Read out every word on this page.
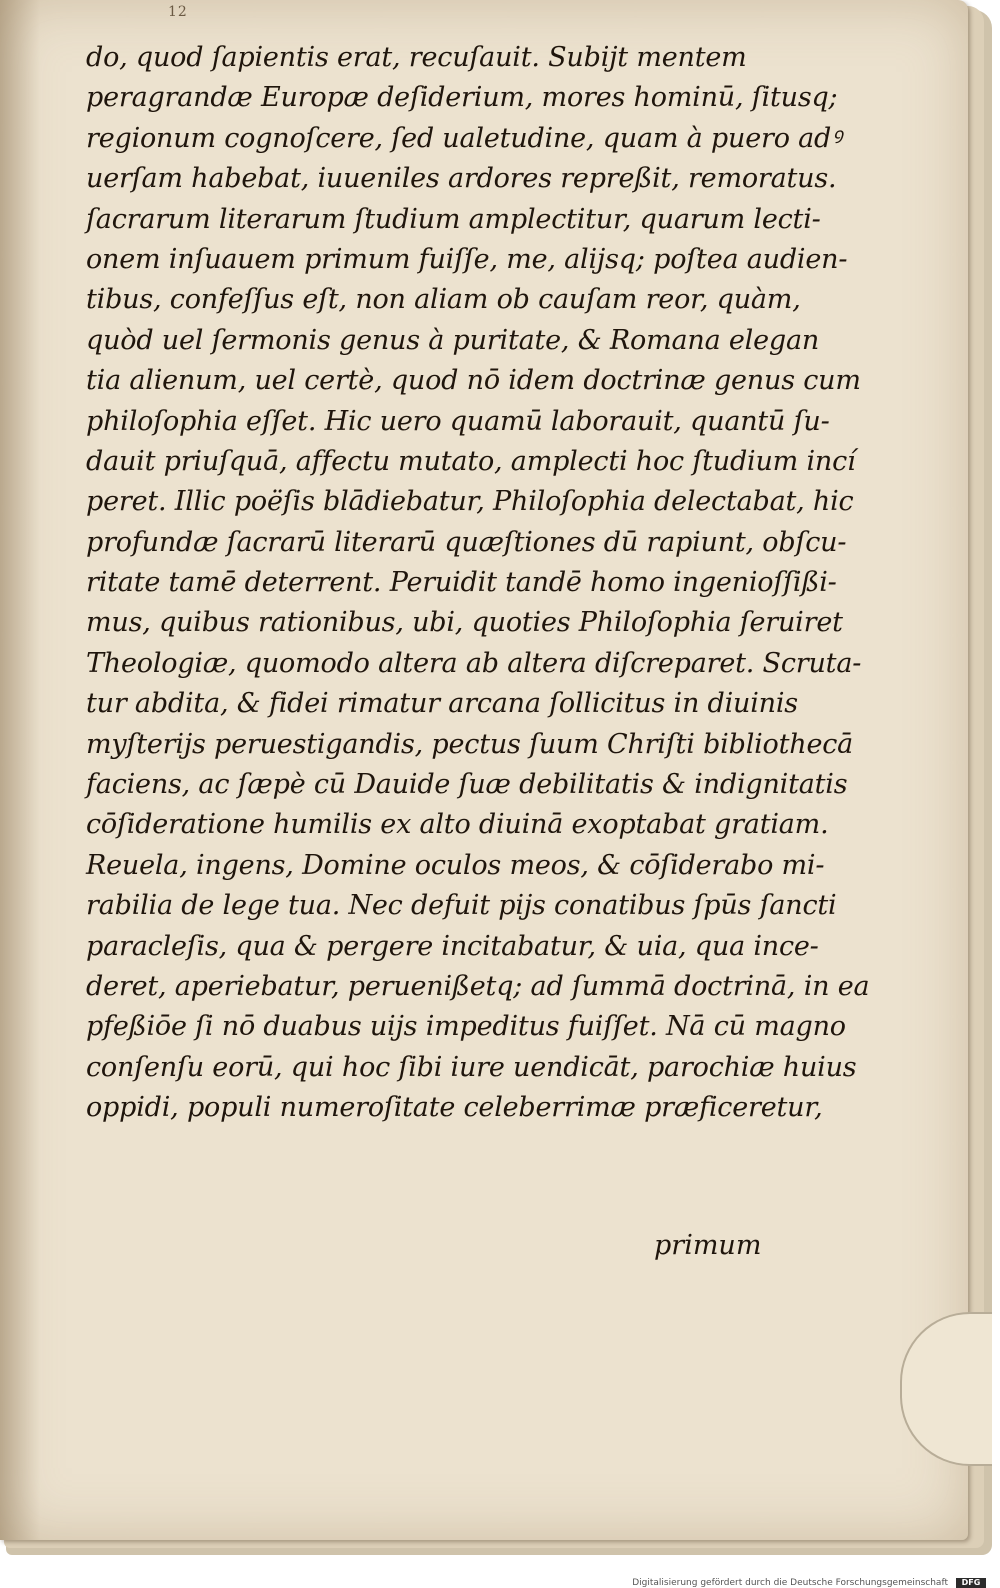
12
do, quod ſapientis erat, recuſauit. Subijt mentem
peragrandæ Europæ deſiderium, mores hominū, ſitusq;
regionum cognoſcere, ſed ualetudine, quam à puero adꝰ
uerſam habebat, iuueniles ardores repreßit, remoratus.
ſacrarum literarum ſtudium amplectitur, quarum lecti-
onem inſuauem primum fuiſſe, me, alijsq; poſtea audien-
tibus, confeſſus eſt, non aliam ob cauſam reor, quàm,
quòd uel ſermonis genus à puritate, & Romana elegan
tia alienum, uel certè, quod nō idem doctrinæ genus cum
philoſophia eſſet. Hic uero quamū laborauit, quantū ſu-
dauit priuſquā, affectu mutato, amplecti hoc ſtudium incí
peret. Illic poëſis blādiebatur, Philoſophia delectabat, hic
profundæ ſacrarū literarū quæſtiones dū rapiunt, obſcu-
ritate tamē deterrent. Peruidit tandē homo ingenioſſißi-
mus, quibus rationibus, ubi, quoties Philoſophia ſeruiret
Theologiæ, quomodo altera ab altera diſcreparet. Scruta-
tur abdita, & fidei rimatur arcana ſollicitus in diuinis
myſterijs peruestigandis, pectus ſuum Chriſti bibliothecā
faciens, ac ſæpè cū Dauide ſuæ debilitatis & indignitatis
cōſideratione humilis ex alto diuinā exoptabat gratiam.
Reuela, ingens, Domine oculos meos, & cōſiderabo mi-
rabilia de lege tua. Nec defuit pijs conatibus ſpūs ſancti
paracleſis, qua & pergere incitabatur, & uia, qua ince-
deret, aperiebatur, peruenißetq; ad ſummā doctrinā, in ea
pfeßiōe ſi nō duabus uijs impeditus fuiſſet. Nā cū magno
conſenſu eorū, qui hoc ſibi iure uendicāt, parochiæ huius
oppidi, populi numeroſitate celeberrimæ præficeretur,
primum
Digitalisierung gefördert durch die Deutsche Forschungsgemeinschaft	DFG
